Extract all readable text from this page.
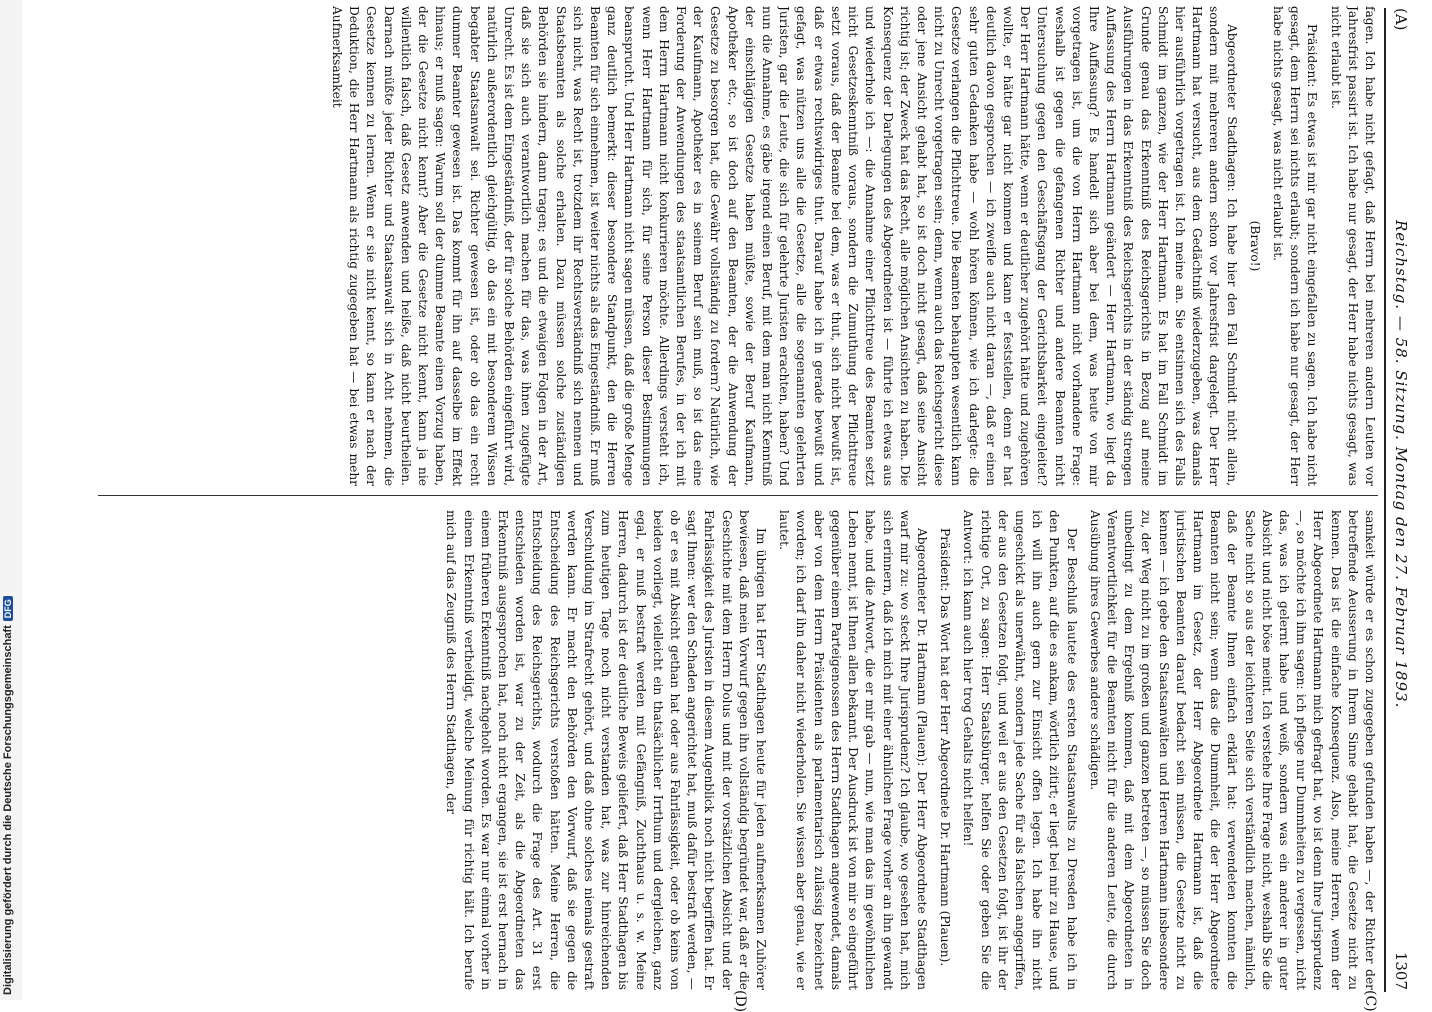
Digitalisierung gefördert durch die Deutsche ForschungsgemeinschaftDFG
(A)
Reichstag. — 58. Sitzung. Montag den 27. Februar 1893.
1307
(C)
(D)

fagen. Ich habe nicht gefagt, daß Herrn bei mehreren andern Leuten vor Jahresfrist passirt ist. Ich habe nur gesagt, der Herr habe nichts gesagt, was nicht erlaubt ist.

Präsident: Es etwas ist mir gar nicht eingefallen zu sagen. Ich habe nicht gesagt, dem Herrn sei nichts erlaubt; sondern ich habe nur gesagt, der Herr habe nichts gesagt, was nicht erlaubt ist.

(Bravo!)

Abgeordneter Stadthagen: Ich habe hier den Fall Schmidt nicht allein, sondern mit mehreren andern schon vor Jahresfrist dargelegt. Der Herr Hartmann hat versucht, aus dem Gedächtniß wiederzugeben, was damals hier ausführlich vorgetragen ist. Ich meine an. Sie entsinnen sich des Falls Schmidt im ganzen, wie der Herr Hartmann. Es hat im Fall Schmidt im Grunde genau das Erkenntniß des Reichsgerichts in Bezug auf meine Ausführungen in das Erkenntniß des Reichsgerichts in der ständig strengen Auffassung des Herrn Hartmann geändert — Herr Hartmann, wo liegt da Ihre Auffassung? Es handelt sich aber bei dem, was heute von mir vorgetragen ist, um die von Herrn Hartmann nicht vorhandene Frage: weshalb ist gegen die gefangenen Richter und andere Beamten nicht Untersuchung gegen den Geschäftsgang der Gerichtsbarkeit eingeleitet? Der Herr Hartmann hätte, wenn er deutlicher zugehört hätte und zugehören wollte, er hätte gar nicht kommen und kann er feststellen, denn er hat deutlich davon gesprochen — ich zweifle auch nicht daran —, daß er einen sehr guten Gedanken habe — wohl hören können, wie ich darlegte: die Gesetze verlangen die Pflichttreue. Die Beamten behaupten wesentlich kann nicht zu Unrecht vorgetragen sein; denn, wenn auch das Reichsgericht diese oder jene Ansicht gehabt hat, so ist doch nicht gesagt, daß seine Ansicht richtig ist; der Zweck hat das Recht, alle möglichen Ansichten zu haben. Die Konsequenz der Darlegungen des Abgeordneten ist — führte ich etwas aus und wiederhole ich —: die Annahme einer Pflichttreue des Beamten setzt nicht Gesetzeskenntniß voraus, sondern die Zumuthung der Pflichttreue setzt voraus, daß der Beamte bei dem, was er thut, sich nicht bewußt ist, daß er etwas rechtswidriges thut. Darauf habe ich in gerade bewußt und gefagt, was nützen uns alle die Gesetze, alle die sogenannten gelehrten Juristen, gar die Leute, die sich für gelehrte Juristen erachten, haben? Und nun die Annahme, es gäbe irgend einen Beruf, mit dem man nicht Kenntniß der einschlägigen Gesetze haben müßte, sowie der Beruf Kaufmann, Apotheker etc., so ist doch auf den Beamten, der die Anwendung der Gesetze zu besorgen hat, die Gewähr vollständig zu fordern? Natürlich, wie der Kaufmann, Apotheker es in seinem Beruf sein muß, so ist das eine Forderung der Anwendungen des staatsamtlichen Berufes, in der ich mit dem Herrn Hartmann nicht konkurrieren möchte. Allerdings versteht ich, wenn Herr Hartmann für sich, für seine Person dieser Bestimmungen beansprucht. Und Herr Hartmann nicht sagen müssen, daß die große Menge ganz deutlich bemerkt: dieser besondere Standpunkt, den die Herren Beamten für sich einnehmen, ist weiter nichts als das Eingeständniß. Er muß sich nicht, was Recht ist, trotzdem ihr Rechtsverständniß sich nennen und Staatsbeamten als solche erhalten. Dazu müssen solche zuständigen Behörden sie hindern, dann tragen; es und die etwaigen Folgen in der Art, daß sie sich auch verantwortlich machen für das, was ihnen zugefügte Unrecht. Es ist dem Eingeständniß, der für solche Behörden eingeführt wird, natürlich außerordentlich gleichgültig, ob das ein mit besonderem Wissen begabter Staatsanwalt sei. Richter gewesen ist, oder ob das ein recht dummer Beamter gewesen ist. Das kommt für ihn auf dasselbe im Effekt hinaus; er muß sagen: Warum soll der dumme Beamte einen Vorzug haben, der die Gesetze nicht kennt? Aber die Gesetze nicht kennt, kann ja nie willentlich falsch, daß Gesetz anwenden und heiße, daß nicht beurtheilen. Darnach müßte jeder Richter und Staatsanwalt sich in Acht nehmen, die Gesetze kennen zu lernen. Wenn er sie nicht kennt, so kann er nach der Deduktion, die Herr Hartmann als richtig zugegeben hat — bei etwas mehr Aufmerksamkeit

samkeit würde er es schon zugegeben gefunden haben —, der Richter der betreffende Aeusserung in Ihrem Sinne gehabt hat, die Gesetze nicht zu kennen. Das ist die einfache Konsequenz. Also, meine Herren, wenn der Herr Abgeordnete Hartmann mich gefragt hat, wo ist denn Ihre Jurisprudenz —, so möchte ich ihm sagen: ich pflege nur Dummheiten zu vergessen, nicht das, was ich gelernt habe und weiß, sondern was ein anderer in guter Absicht und nicht böse meint. Ich verstehe Ihre Frage nicht, weshalb Sie die Sache nicht so aus der leichteren Seite sich verständlich machen, nämlich, daß der Beamte Ihnen einfach erklärt hat: verwendeten konnten die Beamten nicht sein; wenn das die Dummheit, die der Herr Abgeordnete Hartmann im Gesetz, der Herr Abgeordnete Hartmann ist, daß die juristischen Beamten darauf bedacht sein müssen, die Gesetze nicht zu kennen — ich gebe den Staatsanwälten und Herren Hartmann insbesondere zu, der Weg nicht zu im großen und ganzen betreten —, so müssen Sie doch unbedingt zu dem Ergebniß kommen, daß mit dem Abgeordneten in Verantwortlichkeit für die Beamten nicht für die anderen Leute, die durch Ausübung ihres Gewerbes andere schädigen.

Der Beschluß lautete des ersten Staatsanwalts zu Dresden habe ich in den Punkten, auf die es ankam, wörtlich zitirt; er liegt bei mir zu Hause, und ich will ihn auch gern zur Einsicht offen legen. Ich habe ihn nicht ungeschickt als unerwähnt, sondern jede Sache für als falschen angegriffen, der aus den Gesetzen folgt, und weil er aus den Gesetzen folgt, ist ihr der richtige Ort, zu sagen: Herr Staatsbürger, helfen Sie oder geben Sie die Antwort: ich kann auch hier trog Gehalts nicht helfen!

Präsident: Das Wort hat der Herr Abgeordnete Dr. Hartmann (Plauen).

Abgeordneter Dr. Hartmann (Plauen): Der Herr Abgeordnete Stadthagen warf mir zu: wo steckt Ihre Jurisprudenz? Ich glaube, wo gesehen hat, mich sich erinnern, daß ich mich mit einer ähnlichen Frage vorher an ihn gewandt habe, und die Antwort, die er mir gab — nun, wie man das im gewöhnlichen Leben nennt, ist Ihnen allen bekannt. Der Ausdruck ist von mir so eingeführt gegenüber einem Parteigenossen des Herrn Stadthagen angewendet, damals aber von dem Herrn Präsidenten als parlamentarisch zulässig bezeichnet worden; ich darf ihn daher nicht wiederholen. Sie wissen aber genau, wie er lautet.

Im übrigen hat Herr Stadthagen heute für jeden aufmerksamen Zuhörer bewiesen, daß mein Vorwurf gegen ihn vollständig begründet war, daß er die Geschichte mit dem Herrn Dolus und mit der vorsätzlichen Absicht und der Fahrlässigkeit des Juristen in diesem Augenblick noch nicht begriffen hat. Er sagt Ihnen: wer den Schaden angerichtet hat, muß dafür bestraft werden, — ob er es mit Absicht gethan hat oder aus Fahrlässigkeit, oder ob keins von beiden vorliegt, vielleicht ein thatsächlicher Irrthum und dergleichen, ganz egal, er muß bestraft werden mit Gefängniß, Zuchthaus u. s. w. Meine Herren, dadurch ist der deutliche Beweis geliefert, daß Herr Stadthagen bis zum heutigen Tage noch nicht verstanden hat, was zur hinreichenden Verschuldung im Strafrecht gehört, und daß ohne solches niemals gestraft werden kann. Er macht den Behörden den Vorwurf, daß sie gegen die Entscheidung des Reichsgerichts verstoßen hätten. Meine Herren, die Entscheidung des Reichsgerichts, wodurch die Frage des Art. 31 erst entschieden worden ist, war zu der Zeit, als die Abgeordneten das Erkenntniß ausgesprochen hat, noch nicht ergangen, sie ist erst hernach in einem früheren Erkenntniß nachgeholt worden. Es war nur einmal vorher in einem Erkenntniß vertheidigt, welche Meinung für richtig hält. Ich berufe mich auf das Zeugniß des Herrn Stadthagen, der
